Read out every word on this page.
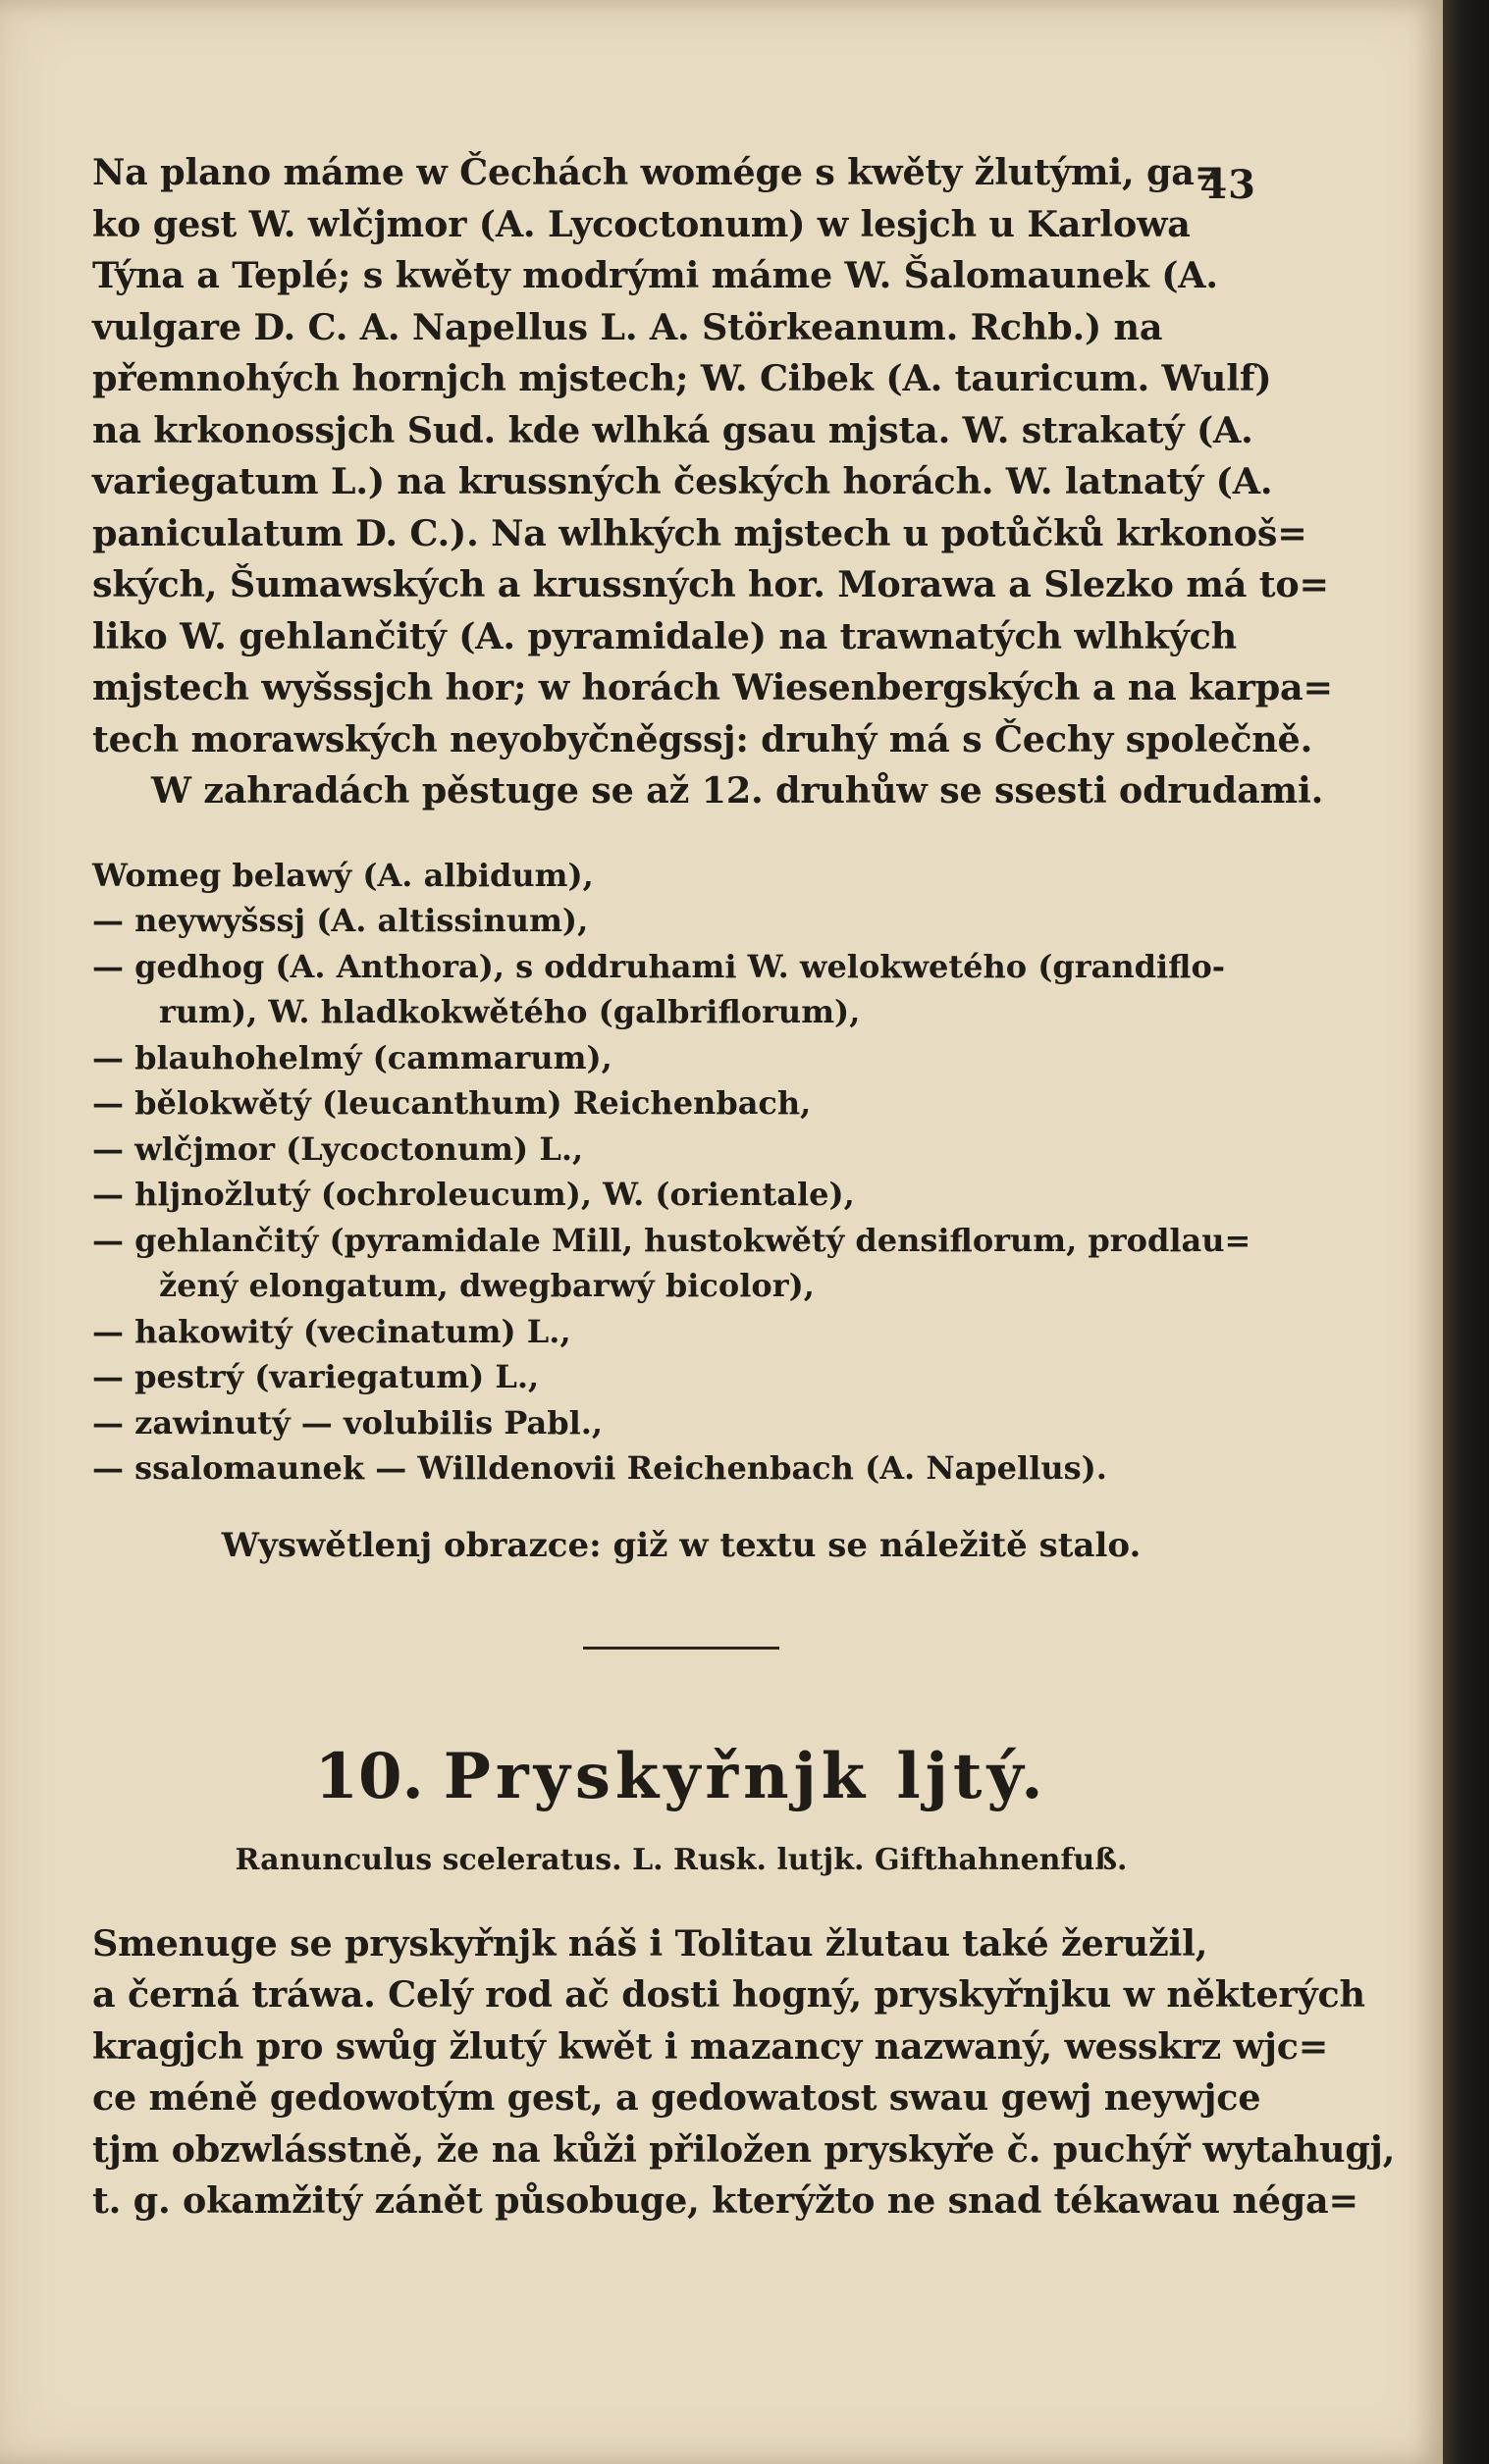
43

Na plano máme w Čechách womége s kwěty žlutými, ga=
ko gest W. wlčjmor (A. Lycoctonum) w lesjch u Karlowa
Týna a Teplé; s kwěty modrými máme W. Šalomaunek (A.
vulgare D. C. A. Napellus L. A. Störkeanum. Rchb.) na
přemnohých hornjch mjstech; W. Cibek (A. tauricum. Wulf)
na krkonossjch Sud. kde wlhká gsau mjsta. W. strakatý (A.
variegatum L.) na krussných českých horách. W. latnatý (A.
paniculatum D. C.). Na wlhkých mjstech u potůčků krkonoš=
ských, Šumawských a krussných hor. Morawa a Slezko má to=
liko W. gehlančitý (A. pyramidale) na trawnatých wlhkých
mjstech wyšssjch hor; w horách Wiesenbergských a na karpa=
tech morawských neyobyčněgssj: druhý má s Čechy společně.
W zahradách pěstuge se až 12. druhůw se ssesti odrudami.

Womeg belawý (A. albidum),
— neywyšssj (A. altissinum),
— gedhog (A. Anthora), s oddruhami W. welokwetého (grandiflo-
rum), W. hladkokwětého (galbriflorum),
— blauhohelmý (cammarum),
— bělokwětý (leucanthum) Reichenbach,
— wlčjmor (Lycoctonum) L.,
— hljnožlutý (ochroleucum), W. (orientale),
— gehlančitý (pyramidale Mill, hustokwětý densiflorum, prodlau=
žený elongatum, dwegbarwý bicolor),
— hakowitý (vecinatum) L.,
— pestrý (variegatum) L.,
— zawinutý — volubilis Pabl.,
— ssalomaunek — Willdenovii Reichenbach (A. Napellus).

Wyswětlenj obrazce: giž w textu se náležitě stalo.

10. Pryskyřnjk ljtý.

Ranunculus sceleratus. L. Rusk. lutjk. Gifthahnenfuß.

Smenuge se pryskyřnjk náš i Tolitau žlutau také žeružil,
a černá tráwa. Celý rod ač dosti hogný, pryskyřnjku w některých
kragjch pro swůg žlutý kwět i mazancy nazwaný, wesskrz wjc=
ce méně gedowotým gest, a gedowatost swau gewj neywjce
tjm obzwlásstně, že na kůži přiložen pryskyře č. puchýř wytahugj,
t. g. okamžitý zánět působuge, kterýžto ne snad tékawau néga=
